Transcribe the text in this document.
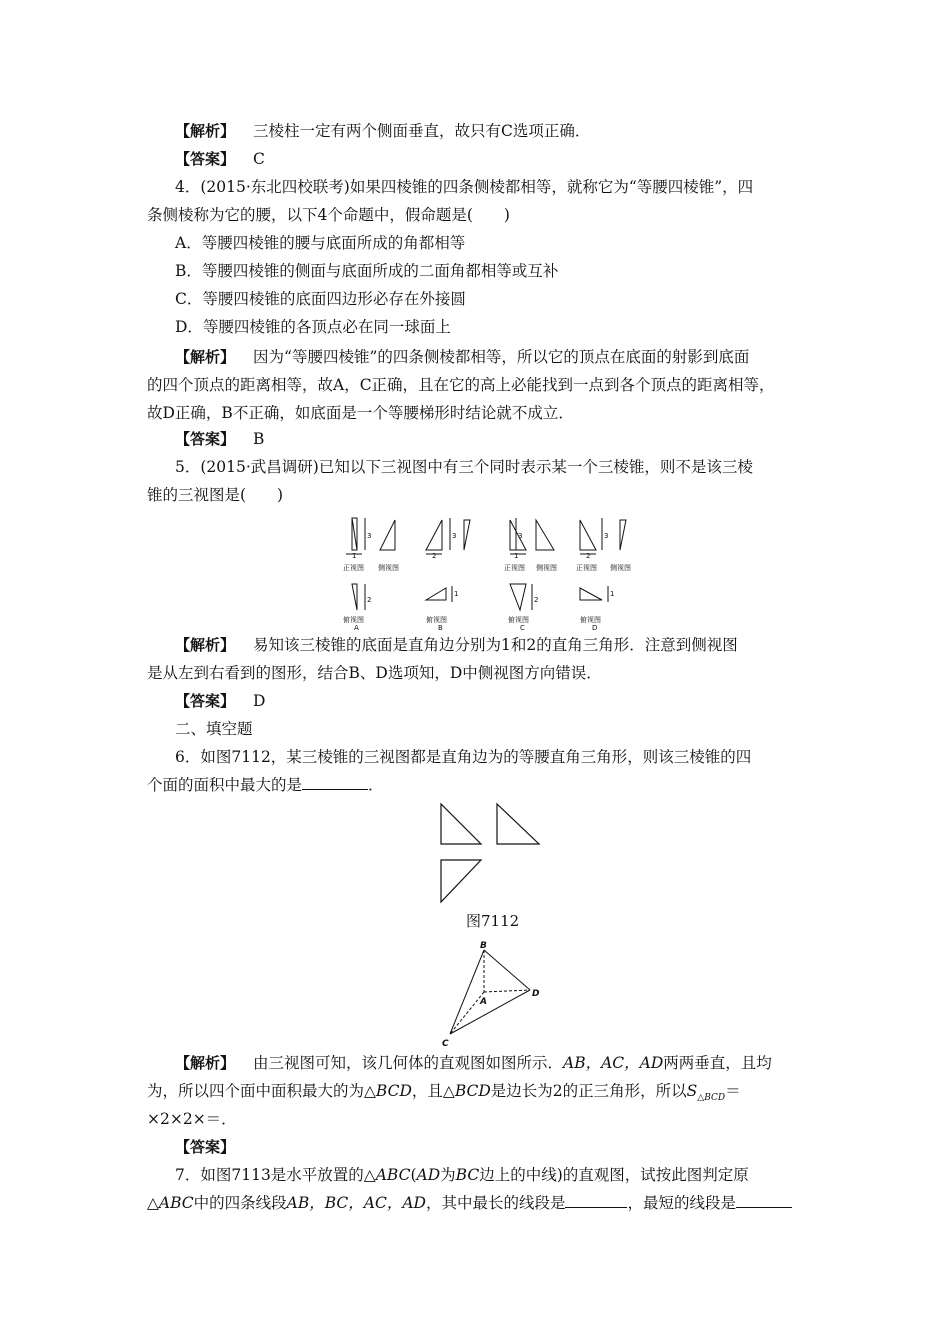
【解析】 三棱柱一定有两个侧面垂直，故只有C选项正确．
【答案】 C
4．(2015·东北四校联考)如果四棱锥的四条侧棱都相等，就称它为“等腰四棱锥”，四
条侧棱称为它的腰，以下4个命题中，假命题是(　　)
A．等腰四棱锥的腰与底面所成的角都相等
B．等腰四棱锥的侧面与底面所成的二面角都相等或互补
C．等腰四棱锥的底面四边形必存在外接圆
D．等腰四棱锥的各顶点必在同一球面上
【解析】 因为“等腰四棱锥”的四条侧棱都相等，所以它的顶点在底面的射影到底面
的四个顶点的距离相等，故A，C正确，且在它的高上必能找到一点到各个顶点的距离相等，
故D正确，B不正确，如底面是一个等腰梯形时结论就不成立．
【答案】 B
5．(2015·武昌调研)已知以下三视图中有三个同时表示某一个三棱锥，则不是该三棱
锥的三视图是(　　)
3
1
正视图 侧视图
2
俯视图
A
3
2
1
俯视图
B
3
1
正视图 侧视图
2
俯视图
C
3
2
正视图 侧视图
1
俯视图
D
【解析】 易知该三棱锥的底面是直角边分别为1和2的直角三角形．注意到侧视图
是从左到右看到的图形，结合B、D选项知，D中侧视图方向错误．
【答案】 D
二、填空题
6．如图7112，某三棱锥的三视图都是直角边为的等腰直角三角形，则该三棱锥的四
个面的面积中最大的是	．
图7112
B
A
C
D
【解析】 由三视图可知，该几何体的直观图如图所示．AB，AC，AD两两垂直，且均
为，所以四个面中面积最大的为△BCD，且△BCD是边长为2的正三角形，所以$S_{\triangle BCD}=$
×2×2×＝．
【答案】
7．如图7113是水平放置的△ABC(AD为BC边上的中线)的直观图，试按此图判定原
△ABC中的四条线段AB，BC，AC，AD，其中最长的线段是	，最短的线段是
